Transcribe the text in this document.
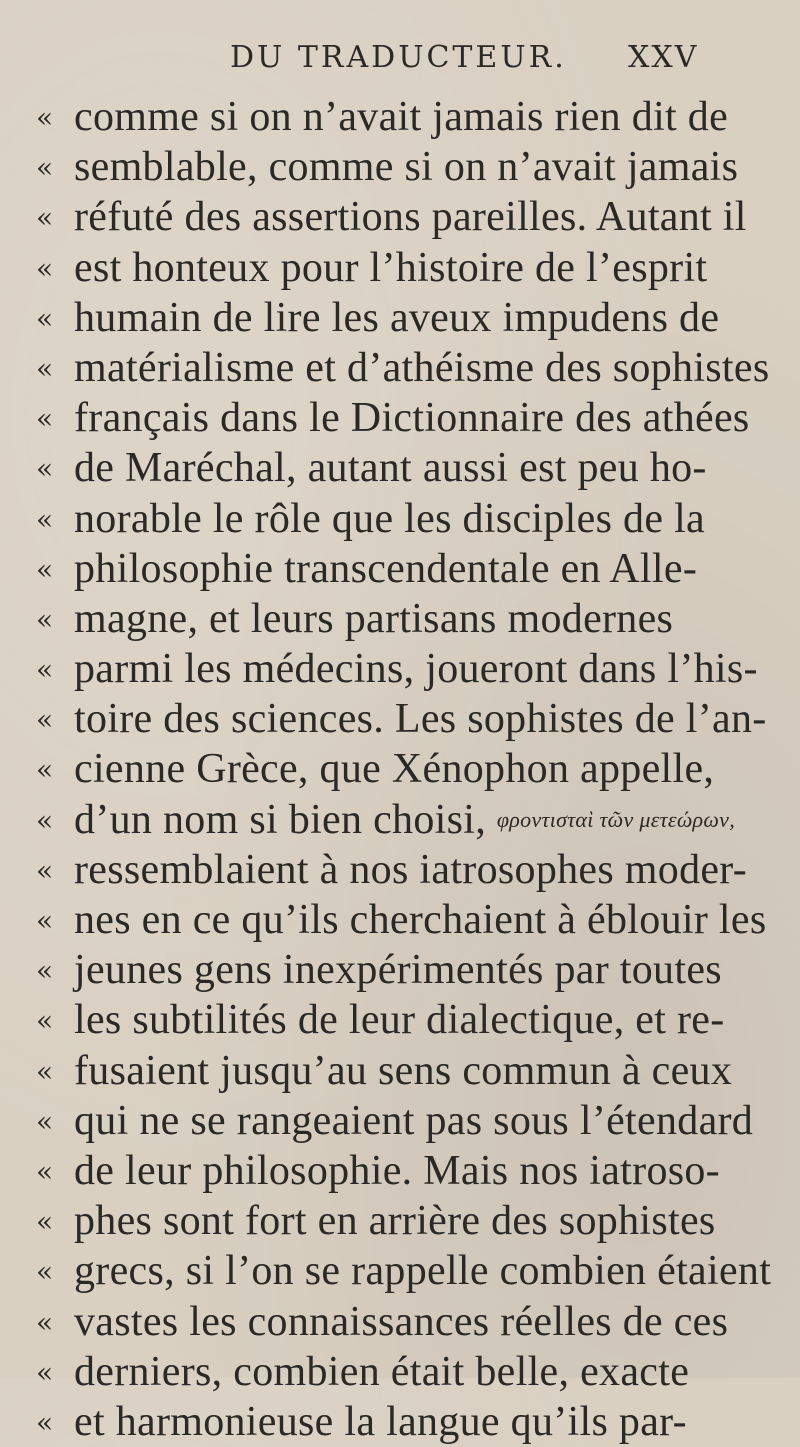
DU TRADUCTEUR. XXV
« comme si on n’avait jamais rien dit de
« semblable, comme si on n’avait jamais
« réfuté des assertions pareilles. Autant il
« est honteux pour l’histoire de l’esprit
« humain de lire les aveux impudens de
« matérialisme et d’athéisme des sophistes
« français dans le Dictionnaire des athées
« de Maréchal, autant aussi est peu ho-
« norable le rôle que les disciples de la
« philosophie transcendentale en Alle-
« magne, et leurs partisans modernes
« parmi les médecins, joueront dans l’his-
« toire des sciences. Les sophistes de l’an-
« cienne Grèce, que Xénophon appelle,
« d’un nom si bien choisi, φροντισταὶ τῶν μετεώρων,
« ressemblaient à nos iatrosophes moder-
« nes en ce qu’ils cherchaient à éblouir les
« jeunes gens inexpérimentés par toutes
« les subtilités de leur dialectique, et re-
« fusaient jusqu’au sens commun à ceux
« qui ne se rangeaient pas sous l’étendard
« de leur philosophie. Mais nos iatroso-
« phes sont fort en arrière des sophistes
« grecs, si l’on se rappelle combien étaient
« vastes les connaissances réelles de ces
« derniers, combien était belle, exacte
« et harmonieuse la langue qu’ils par-
